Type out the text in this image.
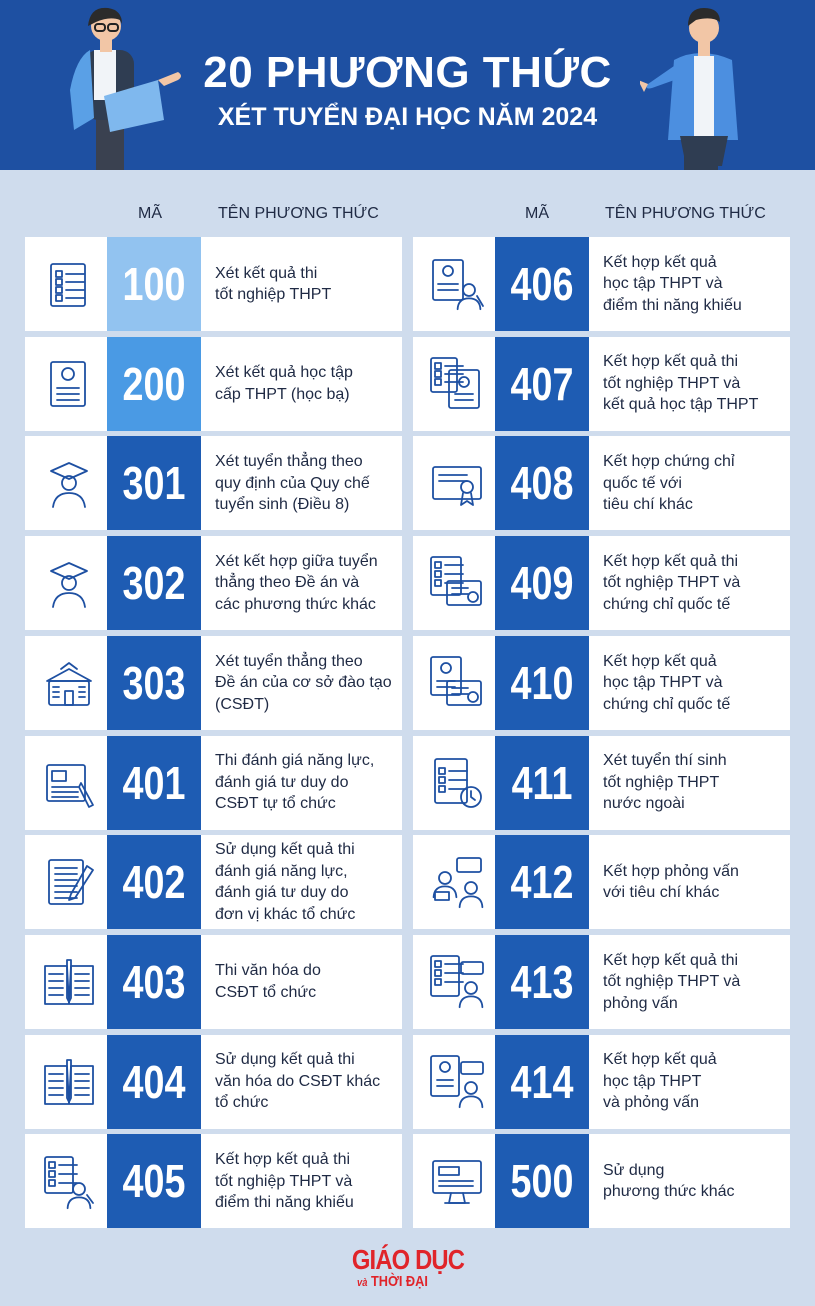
20 PHƯƠNG THỨC
XÉT TUYỂN ĐẠI HỌC NĂM 2024
MÃ	TÊN PHƯƠNG THỨC	MÃ	TÊN PHƯƠNG THỨC
100	Xét kết quả thi
tốt nghiệp THPT
200	Xét kết quả học tập
cấp THPT (học bạ)
301	Xét tuyển thẳng theo
quy định của Quy chế
tuyển sinh (Điều 8)
302	Xét kết hợp giữa tuyển
thẳng theo Đề án và
các phương thức khác
303	Xét tuyển thẳng theo
Đề án của cơ sở đào tạo
(CSĐT)
401	Thi đánh giá năng lực,
đánh giá tư duy do
CSĐT tự tổ chức
402
Sử dụng kết quả thi
đánh giá năng lực,
đánh giá tư duy do
đơn vị khác tổ chức
403	Thi văn hóa do
CSĐT tổ chức
404	Sử dụng kết quả thi
văn hóa do CSĐT khác
tổ chức
405	Kết hợp kết quả thi
tốt nghiệp THPT và
điểm thi năng khiếu
406	Kết hợp kết quả
học tập THPT và
điểm thi năng khiếu
407	Kết hợp kết quả thi
tốt nghiệp THPT và
kết quả học tập THPT
408	Kết hợp chứng chỉ
quốc tế với
tiêu chí khác
409	Kết hợp kết quả thi
tốt nghiệp THPT và
chứng chỉ quốc tế
410	Kết hợp kết quả
học tập THPT và
chứng chỉ quốc tế
411	Xét tuyển thí sinh
tốt nghiệp THPT
nước ngoài
412	Kết hợp phỏng vấn
với tiêu chí khác
413	Kết hợp kết quả thi
tốt nghiệp THPT và
phỏng vấn
414	Kết hợp kết quả
học tập THPT
và phỏng vấn
500	Sử dụng
phương thức khác
GIÁO DỤC
và THỜI ĐẠI
